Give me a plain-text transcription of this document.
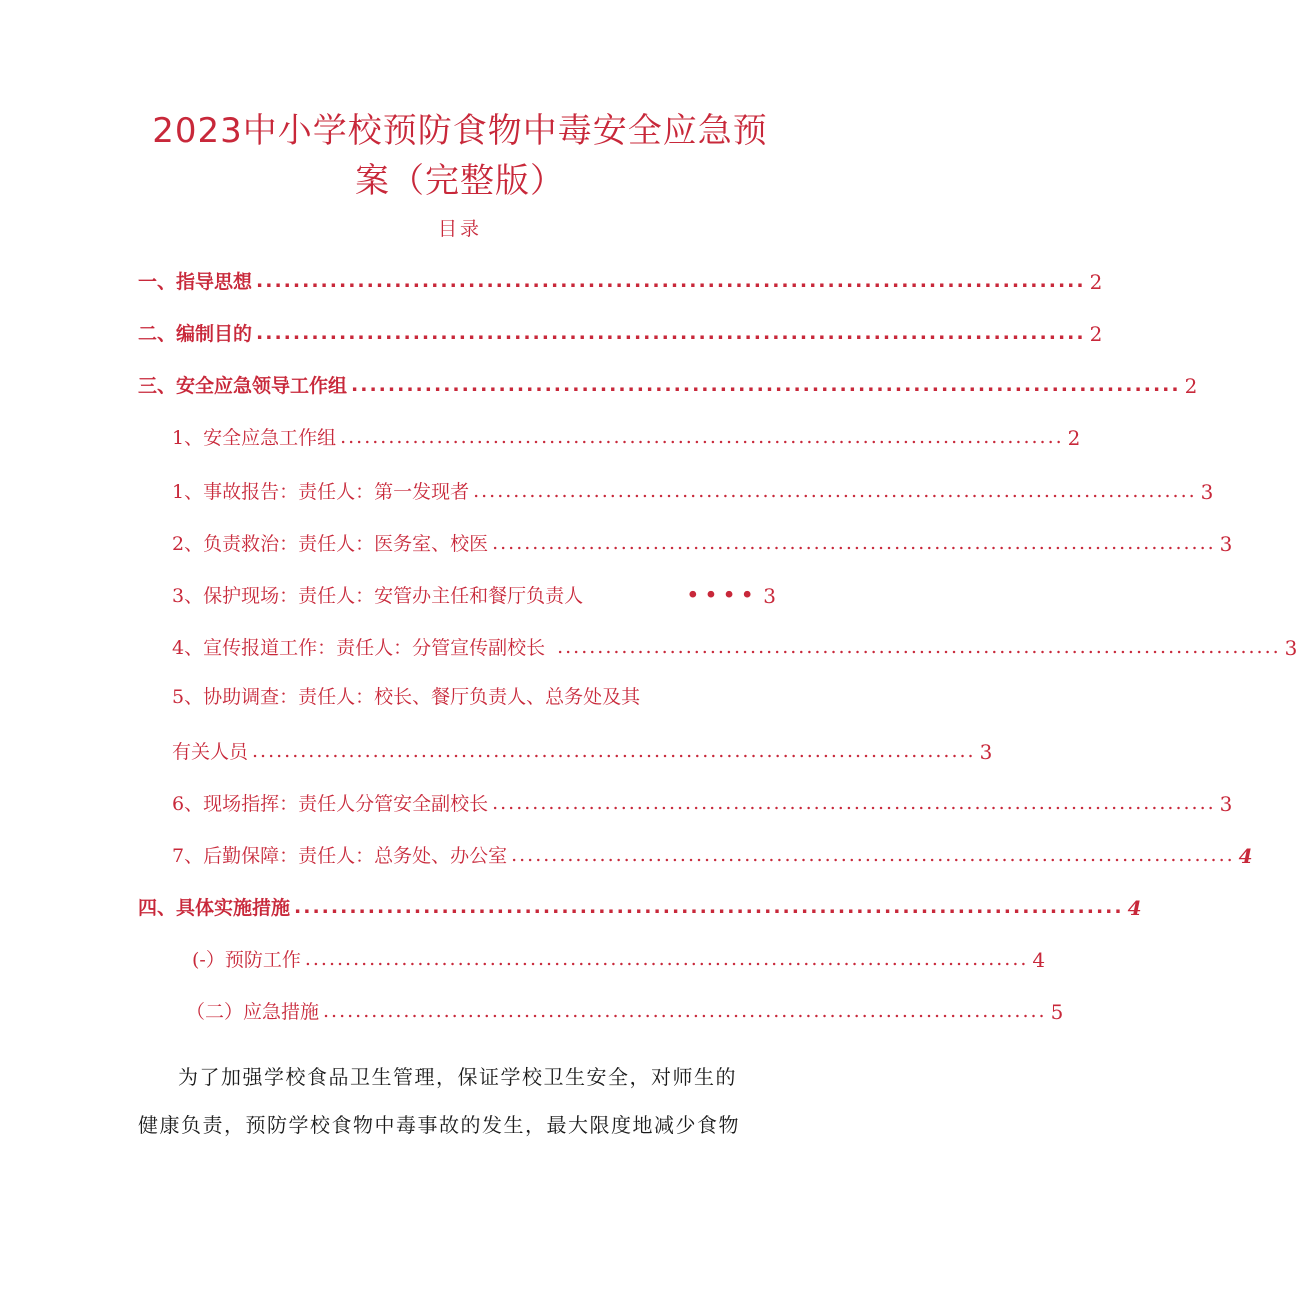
2023中小学校预防食物中毒安全应急预
案（完整版）
目录
一、指导思想 .......................................................................................... 2
二、编制目的 .......................................................................................... 2
三、安全应急领导工作组 .......................................................................................... 2
1、安全应急工作组 .......................................................................................... 2
1、事故报告：责任人：第一发现者 .......................................................................................... 3
2、负责救治：责任人：医务室、校医 .......................................................................................... 3
3、保护现场：责任人：安管办主任和餐厅负责人	•••• 3
4、宣传报道工作：责任人：分管宣传副校长 .......................................................................................... 3
5、协助调查：责任人：校长、餐厅负责人、总务处及其
有关人员 .......................................................................................... 3
6、现场指挥：责任人分管安全副校长 .......................................................................................... 3
7、后勤保障：责任人：总务处、办公室 .......................................................................................... 4
四、具体实施措施 .......................................................................................... 4
(-）预防工作 .......................................................................................... 4
（二）应急措施 .......................................................................................... 5
为了加强学校食品卫生管理，保证学校卫生安全，对师生的
健康负责，预防学校食物中毒事故的发生，最大限度地减少食物
